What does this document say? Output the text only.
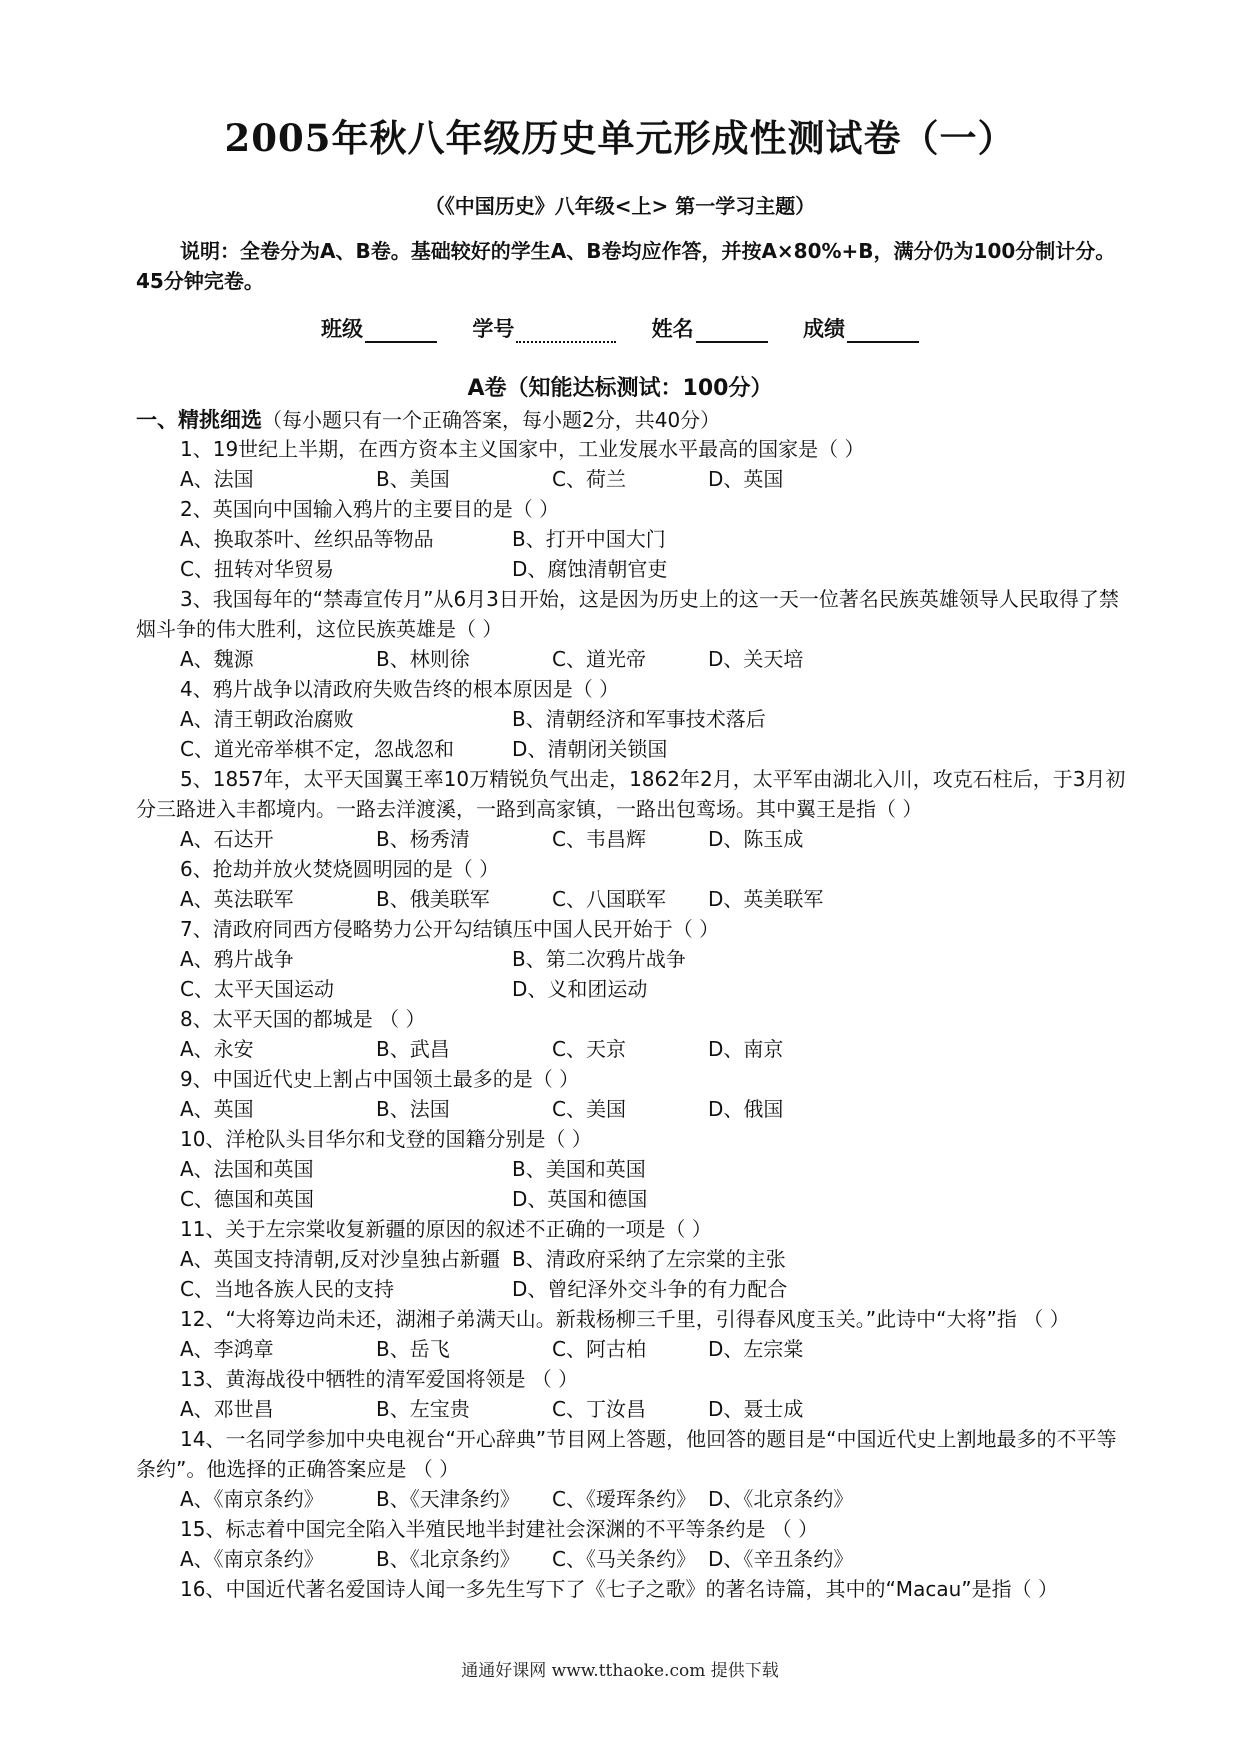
2005年秋八年级历史单元形成性测试卷（一）
（《中国历史》八年级<上> 第一学习主题）
说明：全卷分为A、B卷。基础较好的学生A、B卷均应作答，并按A×80%+B，满分仍为100分制计分。45分钟完卷。
班级	学号	姓名	成绩
A卷（知能达标测试：100分）
一、精挑细选（每小题只有一个正确答案，每小题2分，共40分）
1、19世纪上半期，在西方资本主义国家中，工业发展水平最高的国家是（ ）
A、法国	B、美国	C、荷兰	D、英国
2、英国向中国输入鸦片的主要目的是（ ）
A、换取茶叶、丝织品等物品	B、打开中国大门
C、扭转对华贸易	D、腐蚀清朝官吏
3、我国每年的“禁毒宣传月”从6月3日开始，这是因为历史上的这一天一位著名民族英雄领导人民取得了禁烟斗争的伟大胜利，这位民族英雄是（ ）
A、魏源	B、林则徐	C、道光帝	D、关天培
4、鸦片战争以清政府失败告终的根本原因是（ ）
A、清王朝政治腐败	B、清朝经济和军事技术落后
C、道光帝举棋不定，忽战忽和	D、清朝闭关锁国
5、1857年，太平天国翼王率10万精锐负气出走，1862年2月，太平军由湖北入川，攻克石柱后，于3月初分三路进入丰都境内。一路去洋渡溪，一路到高家镇，一路出包鸾场。其中翼王是指（ ）
A、石达开	B、杨秀清	C、韦昌辉	D、陈玉成
6、抢劫并放火焚烧圆明园的是（ ）
A、英法联军	B、俄美联军	C、八国联军 D、英美联军
7、清政府同西方侵略势力公开勾结镇压中国人民开始于（ ）
A、鸦片战争	B、第二次鸦片战争
C、太平天国运动	D、义和团运动
8、太平天国的都城是 （ ）
A、永安	B、武昌	C、天京	D、南京
9、中国近代史上割占中国领土最多的是（ ）
A、英国	B、法国	C、美国	D、俄国
10、洋枪队头目华尔和戈登的国籍分别是（ ）
A、法国和英国	B、美国和英国
C、德国和英国	D、英国和德国
11、关于左宗棠收复新疆的原因的叙述不正确的一项是（ ）
A、英国支持清朝,反对沙皇独占新疆 B、清政府采纳了左宗棠的主张
C、当地各族人民的支持	D、曾纪泽外交斗争的有力配合
12、“大将筹边尚未还，湖湘子弟满天山。新栽杨柳三千里，引得春风度玉关。”此诗中“大将”指 （ ）
A、李鸿章	B、岳飞	C、阿古柏	D、左宗棠
13、黄海战役中牺牲的清军爱国将领是 （ ）
A、邓世昌	B、左宝贵	C、丁汝昌	D、聂士成
14、一名同学参加中央电视台“开心辞典”节目网上答题，他回答的题目是“中国近代史上割地最多的不平等条约”。他选择的正确答案应是 （ ）
A、《南京条约》	B、《天津条约》 C、《瑷珲条约》 D、《北京条约》
15、标志着中国完全陷入半殖民地半封建社会深渊的不平等条约是 （ ）
A、《南京条约》	B、《北京条约》 C、《马关条约》 D、《辛丑条约》
16、中国近代著名爱国诗人闻一多先生写下了《七子之歌》的著名诗篇，其中的“Macau”是指（ ）
通通好课网 www.tthaoke.com 提供下载
